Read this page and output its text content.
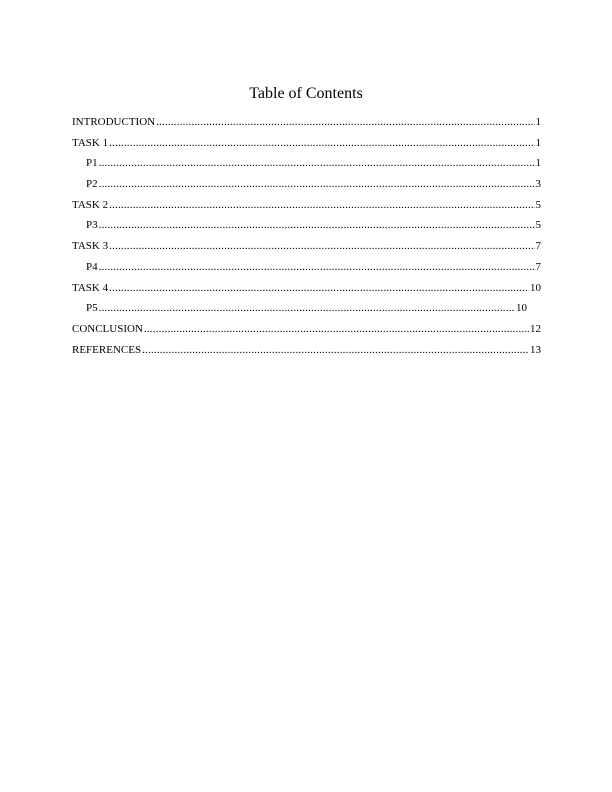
Table of Contents
INTRODUCTION .....	1
TASK 1 .....	1
P1 .....	1
P2 .....	3
TASK 2 .....	5
P3 .....	5
TASK 3 .....	7
P4 .....	7
TASK 4 .....	10
P5 .....	10
CONCLUSION .....	12
REFERENCES .....	13
